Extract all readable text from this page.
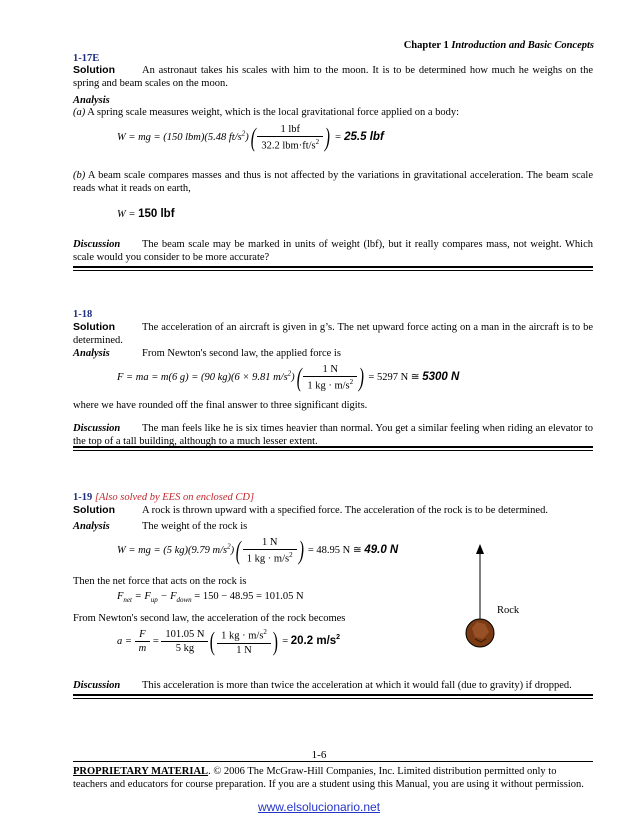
Chapter 1 Introduction and Basic Concepts
1-17E
Solution	An astronaut takes his scales with him to the moon. It is to be determined how much he weighs on the spring and beam scales on the moon.
Analysis
(a) A spring scale measures weight, which is the local gravitational force applied on a body:
W = mg = (150 lbm)(5.48 $ft/s^2)( \frac{\text{1 lbf}}{32.2 lbm\cdot ft/s^2}$ ) = 25.5 lbf
(b) A beam scale compares masses and thus is not affected by the variations in gravitational acceleration. The beam scale reads what it reads on earth,
W = 150 lbf
Discussion The beam scale may be marked in units of weight (lbf), but it really compares mass, not weight. Which scale would you consider to be more accurate?
1-18
Solution	The acceleration of an aircraft is given in g’s. The net upward force acting on a man in the aircraft is to be determined.
Analysis	From Newton's second law, the applied force is
F = ma = m(6 g) = (90 kg)(6 × 9.81 $m/s^2)( \frac{1 N}{1 kg \cdot m/s^2}$ ) = 5297 N ≅ 5300 N
where we have rounded off the final answer to three significant digits.
Discussion The man feels like he is six times heavier than normal. You get a similar feeling when riding an elevator to the top of a tall building, although to a much lesser extent.
1-19 [Also solved by EES on enclosed CD]
Solution	A rock is thrown upward with a specified force. The acceleration of the rock is to be determined.
Analysis	The weight of the rock is
W = mg = (5 kg)(9.79 $m/s^2)( \frac{1 N}{1 kg \cdot m/s^2}$ ) = 48.95 N ≅ 49.0 N
Then the net force that acts on the rock is
$F_{net} = F_{up} - F_{down} = 150 - 48.95 = 101.05$ N
From Newton's second law, the acceleration of the rock becomes
$a = \frac{F}{m} = \frac{101.05 N}{5 kg}$ ( $\frac{1 kg \cdot m/s^2}{1 N}$ ) = 20.2 $m/s^2$
Rock
Discussion This acceleration is more than twice the acceleration at which it would fall (due to gravity) if dropped.
1-6
PROPRIETARY MATERIAL. © 2006 The McGraw-Hill Companies, Inc. Limited distribution permitted only to teachers and educators for course preparation. If you are a student using this Manual, you are using it without permission.
www.elsolucionario.net
